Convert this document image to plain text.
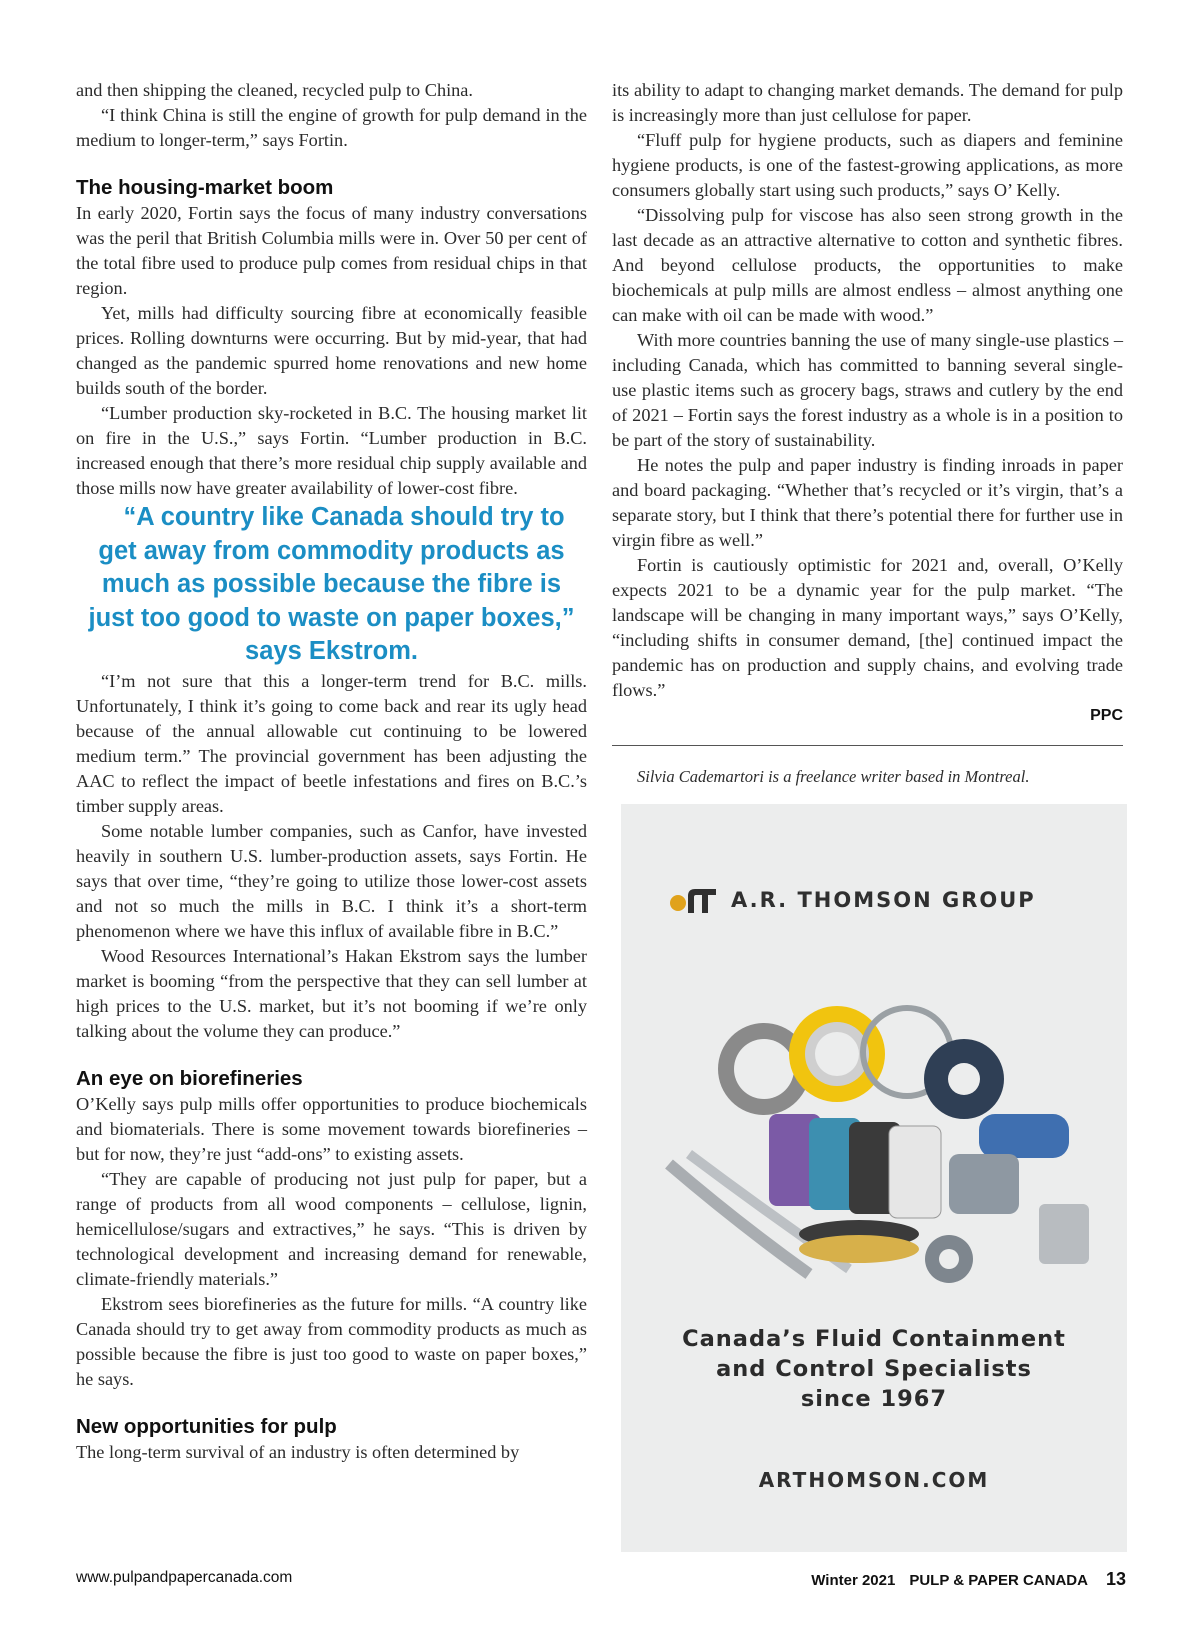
and then shipping the cleaned, recycled pulp to China.

“I think China is still the engine of growth for pulp demand in the medium to longer-term,” says Fortin.

The housing-market boom

In early 2020, Fortin says the focus of many industry conversations was the peril that British Columbia mills were in. Over 50 per cent of the total fibre used to produce pulp comes from residual chips in that region.

Yet, mills had difficulty sourcing fibre at economically feasible prices. Rolling downturns were occurring. But by mid-year, that had changed as the pandemic spurred home renovations and new home builds south of the border.

“Lumber production sky-rocketed in B.C. The housing market lit on fire in the U.S.,” says Fortin. “Lumber production in B.C. increased enough that there’s more residual chip supply available and those mills now have greater availability of lower-cost fibre.

“A country like Canada should try to get away from commodity products as much as possible because the fibre is just too good to waste on paper boxes,” says Ekstrom.

“I’m not sure that this a longer-term trend for B.C. mills. Unfortunately, I think it’s going to come back and rear its ugly head because of the annual allowable cut continuing to be lowered medium term.” The provincial government has been adjusting the AAC to reflect the impact of beetle infestations and fires on B.C.’s timber supply areas.

Some notable lumber companies, such as Canfor, have invested heavily in southern U.S. lumber-production assets, says Fortin. He says that over time, “they’re going to utilize those lower-cost assets and not so much the mills in B.C. I think it’s a short-term phenomenon where we have this influx of available fibre in B.C.”

Wood Resources International’s Hakan Ekstrom says the lumber market is booming “from the perspective that they can sell lumber at high prices to the U.S. market, but it’s not booming if we’re only talking about the volume they can produce.”

An eye on biorefineries

O’Kelly says pulp mills offer opportunities to produce biochemicals and biomaterials. There is some movement towards biorefineries – but for now, they’re just “add-ons” to existing assets.

“They are capable of producing not just pulp for paper, but a range of products from all wood components – cellulose, lignin, hemicellulose/sugars and extractives,” he says. “This is driven by technological development and increasing demand for renewable, climate-friendly materials.”

Ekstrom sees biorefineries as the future for mills. “A country like Canada should try to get away from commodity products as much as possible because the fibre is just too good to waste on paper boxes,” he says.

New opportunities for pulp

The long-term survival of an industry is often determined by

its ability to adapt to changing market demands. The demand for pulp is increasingly more than just cellulose for paper.

“Fluff pulp for hygiene products, such as diapers and feminine hygiene products, is one of the fastest-growing applications, as more consumers globally start using such products,” says O’ Kelly.

“Dissolving pulp for viscose has also seen strong growth in the last decade as an attractive alternative to cotton and synthetic fibres. And beyond cellulose products, the opportunities to make biochemicals at pulp mills are almost endless – almost anything one can make with oil can be made with wood.”

With more countries banning the use of many single-use plastics – including Canada, which has committed to banning several single-use plastic items such as grocery bags, straws and cutlery by the end of 2021 – Fortin says the forest industry as a whole is in a position to be part of the story of sustainability.

He notes the pulp and paper industry is finding inroads in paper and board packaging. “Whether that’s recycled or it’s virgin, that’s a separate story, but I think that there’s potential there for further use in virgin fibre as well.”

Fortin is cautiously optimistic for 2021 and, overall, O’Kelly expects 2021 to be a dynamic year for the pulp market. “The landscape will be changing in many important ways,” says O’Kelly, “including shifts in consumer demand, [the] continued impact the pandemic has on production and supply chains, and evolving trade flows.”

PPC

Silvia Cademartori is a freelance writer based in Montreal.

A.R. THOMSON GROUP
Canada’s Fluid Containment
and Control Specialists
since 1967
ARTHOMSON.COM
www.pulpandpapercanada.com	Winter 2021 PULP & PAPER CANADA 13
